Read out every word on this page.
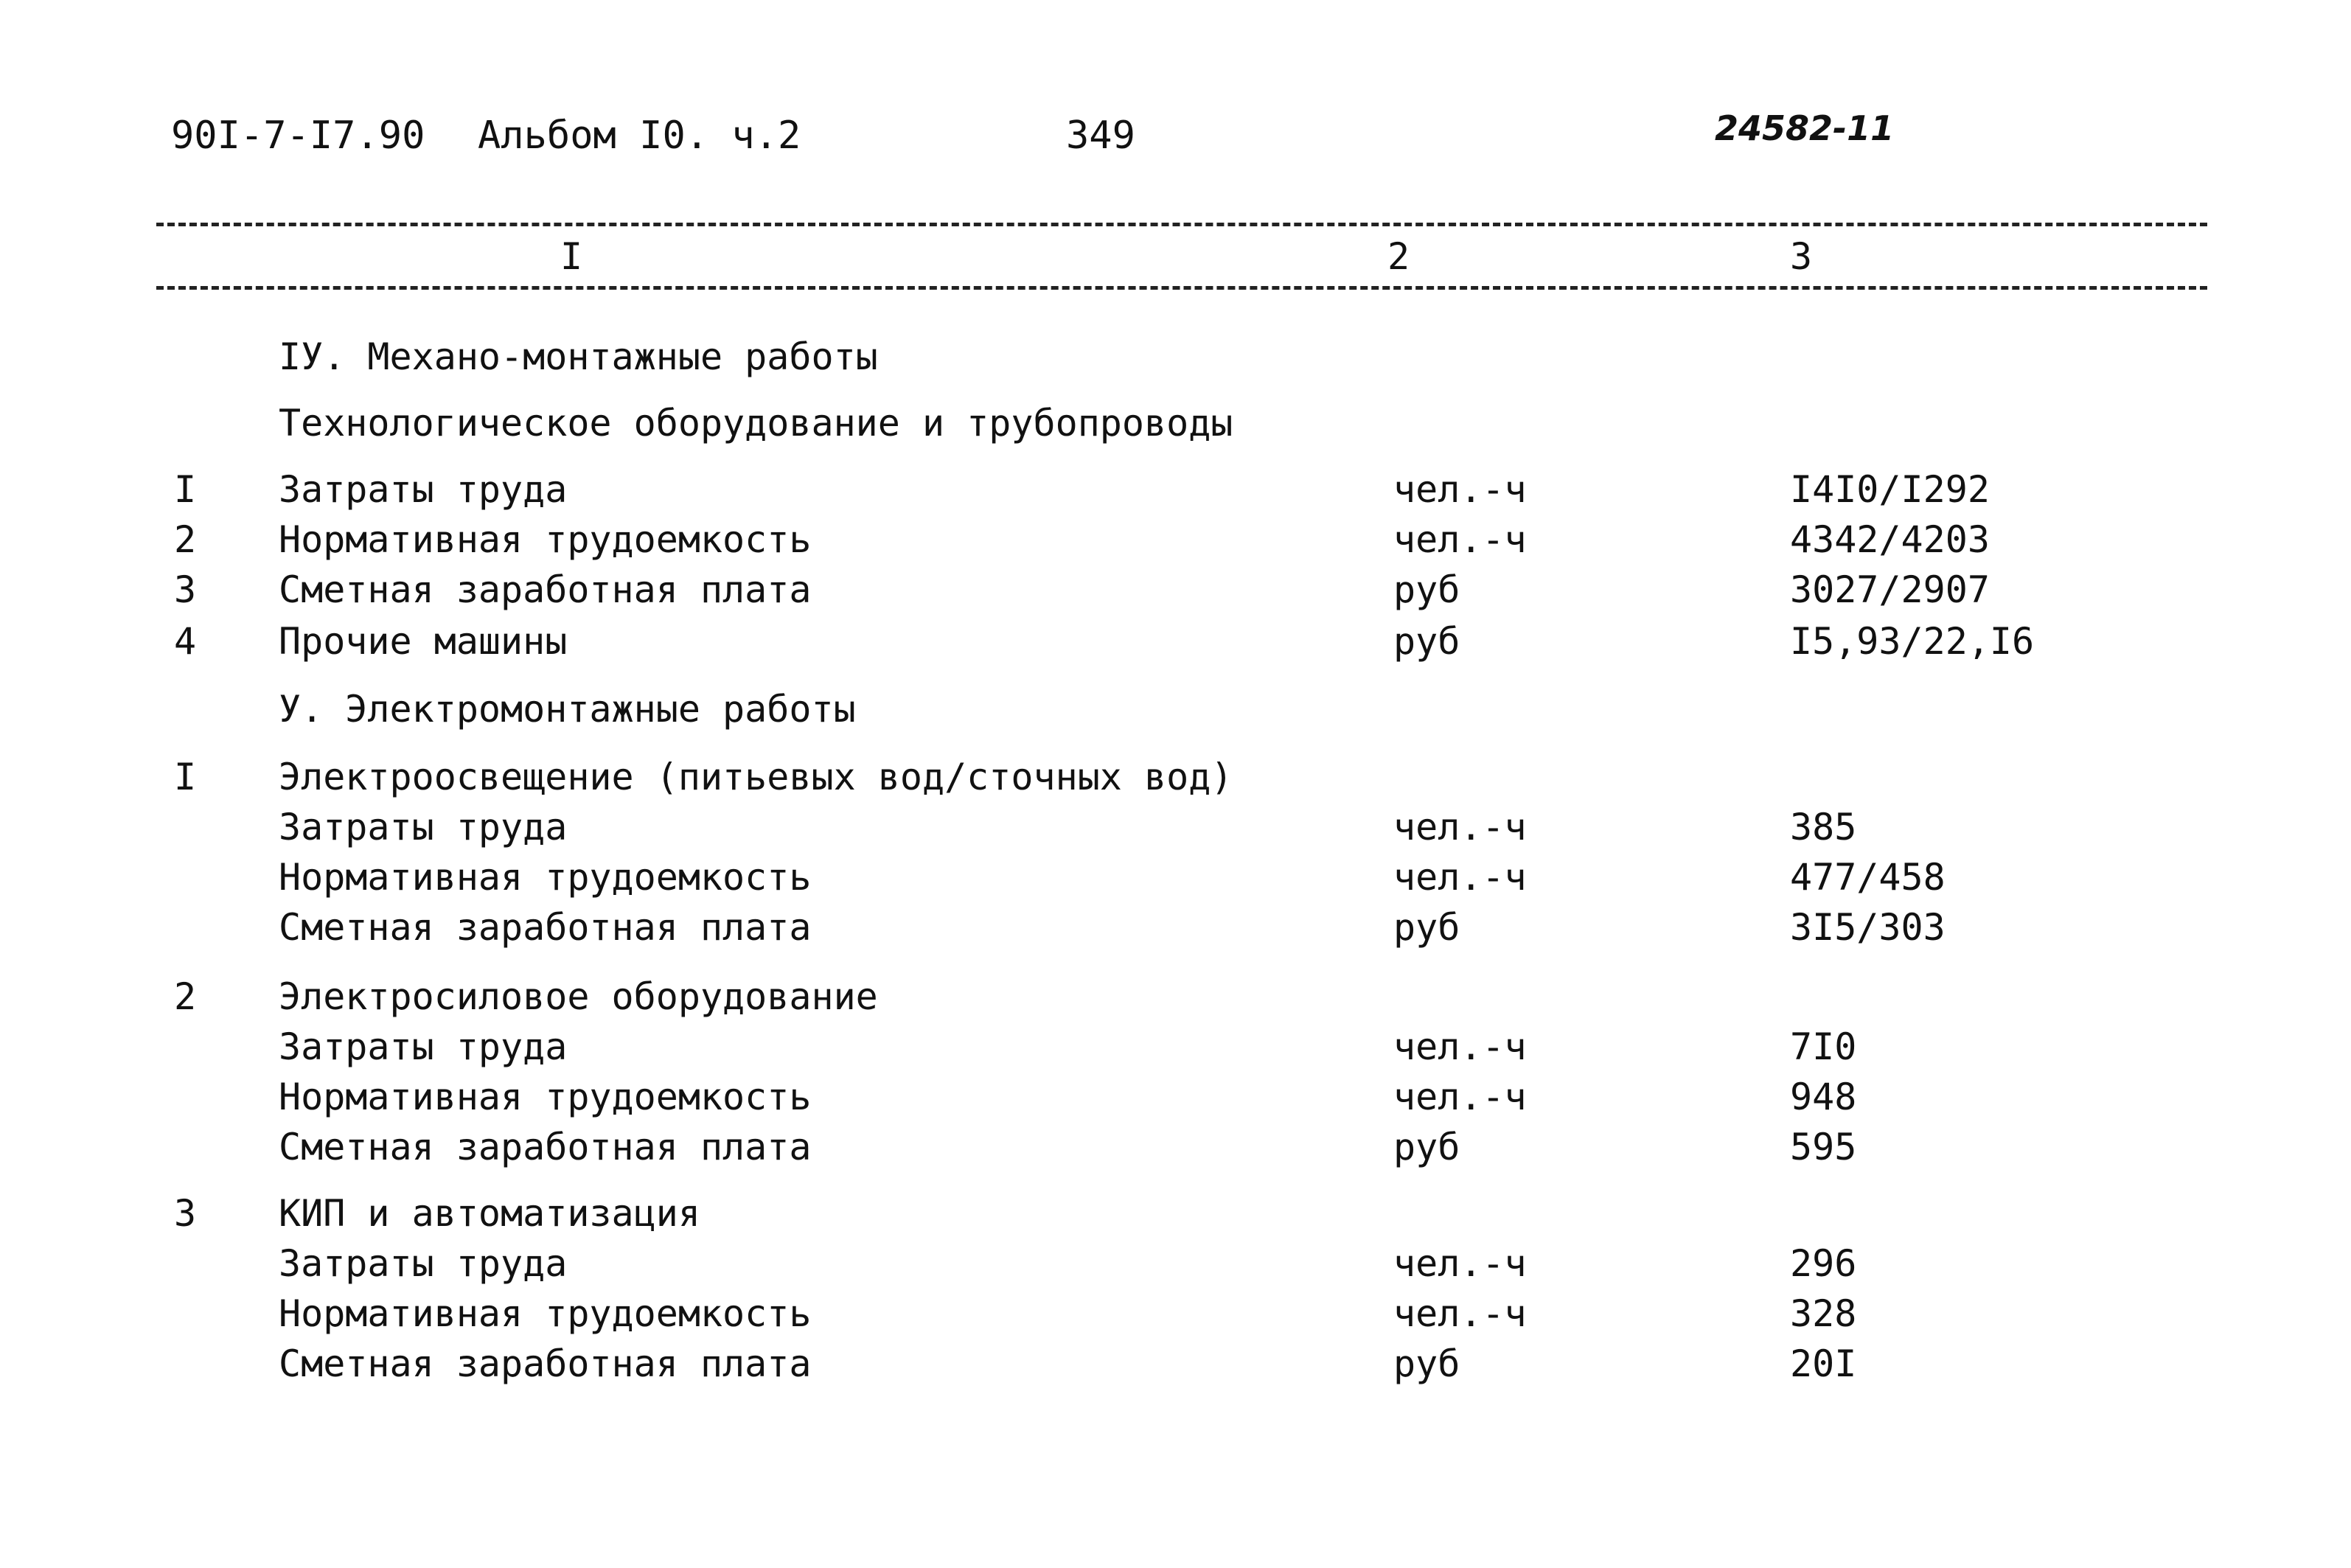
90I-7-I7.90 Альбом I0. ч.2	349	24582-11
I	2	3
IУ. Механо-монтажные работы
Технологическое оборудование и трубопроводы
I Затраты труда	чел.-ч	I4I0/I292
2 Нормативная трудоемкость	чел.-ч	4342/4203
3 Сметная заработная плата	руб	3027/2907
4 Прочие машины	руб	I5,93/22,I6
У. Электромонтажные работы
I Электроосвещение (питьевых вод/сточных вод)
Затраты труда	чел.-ч	385
Нормативная трудоемкость	чел.-ч	477/458
Сметная заработная плата	руб	3I5/303
2 Электросиловое оборудование
Затраты труда	чел.-ч	7I0
Нормативная трудоемкость	чел.-ч	948
Сметная заработная плата	руб	595
3 КИП и автоматизация
Затраты труда	чел.-ч	296
Нормативная трудоемкость	чел.-ч	328
Сметная заработная плата	руб	20I
